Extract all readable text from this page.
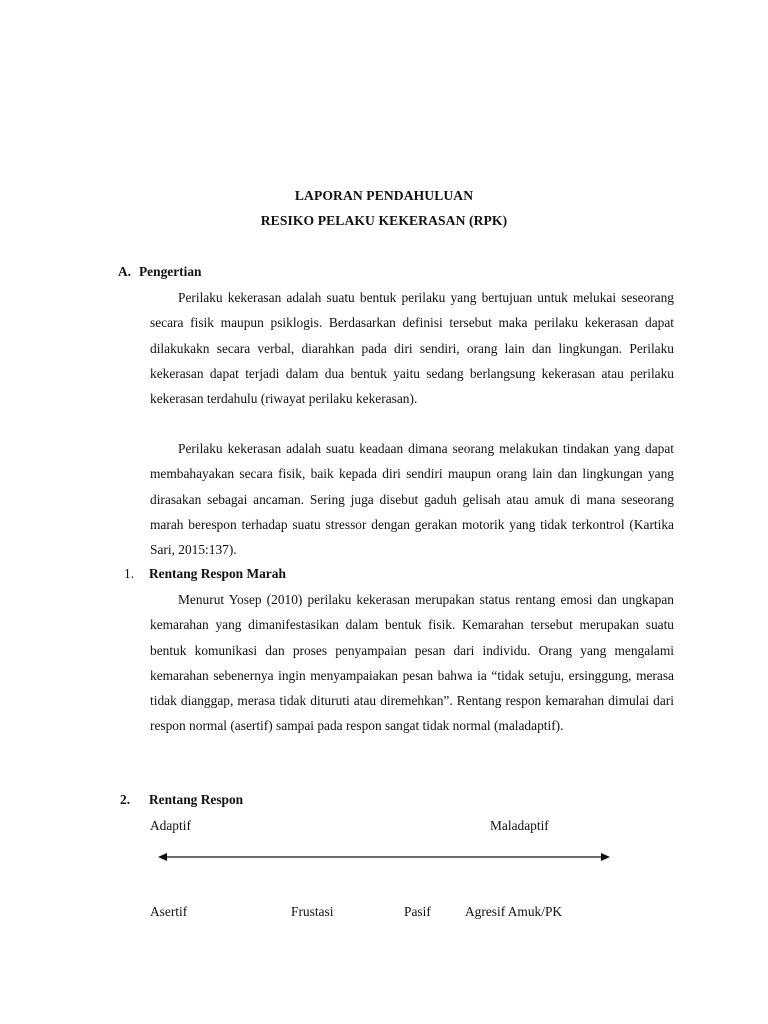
LAPORAN PENDAHULUAN
RESIKO PELAKU KEKERASAN (RPK)
A. Pengertian

Perilaku kekerasan adalah suatu bentuk perilaku yang bertujuan untuk melukai seseorang secara fisik maupun psiklogis. Berdasarkan definisi tersebut maka perilaku kekerasan dapat dilakukakn secara verbal, diarahkan pada diri sendiri, orang lain dan lingkungan. Perilaku kekerasan dapat terjadi dalam dua bentuk yaitu sedang berlangsung kekerasan atau perilaku kekerasan terdahulu (riwayat perilaku kekerasan).

Perilaku kekerasan adalah suatu keadaan dimana seorang melakukan tindakan yang dapat membahayakan secara fisik, baik kepada diri sendiri maupun orang lain dan lingkungan yang dirasakan sebagai ancaman. Sering juga disebut gaduh gelisah atau amuk di mana seseorang marah berespon terhadap suatu stressor dengan gerakan motorik yang tidak terkontrol (Kartika Sari, 2015:137).

1. Rentang Respon Marah

Menurut Yosep (2010) perilaku kekerasan merupakan status rentang emosi dan ungkapan kemarahan yang dimanifestasikan dalam bentuk fisik. Kemarahan tersebut merupakan suatu bentuk komunikasi dan proses penyampaian pesan dari individu. Orang yang mengalami kemarahan sebenernya ingin menyampaiakan pesan bahwa ia “tidak setuju, ersinggung, merasa tidak dianggap, merasa tidak dituruti atau diremehkan”. Rentang respon kemarahan dimulai dari respon normal (asertif) sampai pada respon sangat tidak normal (maladaptif).

2. Rentang Respon
Adaptif	Maladaptif
Asertif	Frustasi	Pasif	Agresif Amuk/PK
